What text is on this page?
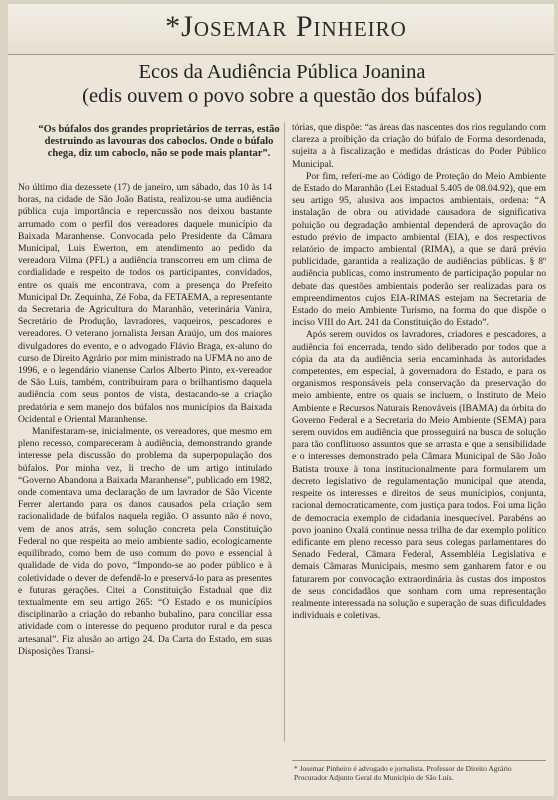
*Josemar Pinheiro
Ecos da Audiência Pública Joanina
(edis ouvem o povo sobre a questão dos búfalos)
“Os búfalos dos grandes proprietários de terras, estão destruindo as lavouras dos caboclos. Onde o búfalo chega, diz um caboclo, não se pode mais plantar”.

No último dia dezessete (17) de janeiro, um sábado, das 10 às 14 horas, na cidade de São João Batista, realizou-se uma audiência pública cuja importância e repercussão nos deixou bastante arrumado com o perfil dos vereadores daquele município da Baixada Maranhense. Convocada pelo Presidente da Câmara Municipal, Luis Ewerton, em atendimento ao pedido da vereadora Vilma (PFL) a audiência transcorreu em um clima de cordialidade e respeito de todos os participantes, convidados, entre os quais me encontrava, com a presença do Prefeito Municipal Dr. Zequinha, Zé Foba, da FETAEMA, a representante da Secretaria de Agricultura do Maranhão, veterinária Vanira, Secretário de Produção, lavradores, vaqueiros, pescadores e vereadores. O veterano jornalista Jersan Araújo, um dos maiores divulgadores do evento, e o advogado Flávio Braga, ex-aluno do curso de Direito Agrário por mim ministrado na UFMA no ano de 1996, e o legendário vianense Carlos Alberto Pinto, ex-vereador de São Luís, também, contribuiram para o brilhantismo daquela audiência com seus pontos de vista, destacando-se a criação predatória e sem manejo dos búfalos nos municípios da Baixada Ocidental e Oriental Maranhense.

Manifestaram-se, inicialmente, os vereadores, que mesmo em pleno recesso, compareceram à audiência, demonstrando grande interesse pela discussão do problema da superpopulação dos búfalos. Por minha vez, li trecho de um artigo intitulado “Governo Abandona a Baixada Maranhense”, publicado em 1982, onde comentava uma declaração de um lavrador de São Vicente Ferrer alertando para os danos causados pela criação sem racionalidade de búfalos naquela região. O assunto não é novo, vem de anos atrás, sem solução concreta pela Constituição Federal no que respeita ao meio ambiente sadio, ecologicamente equilibrado, como bem de uso comum do povo e essencial à qualidade de vida do povo, “Impondo-se ao poder público e à coletividade o dever de defendê-lo e preservá-lo para as presentes e futuras gerações. Citei a Constituição Estadual que diz textualmente em seu artigo 265: “O Estado e os municípios disciplinarão a criação do rebanho bubalino, para conciliar essa atividade com o interesse do pequeno produtor rural e da pesca artesanal”. Fiz alusão ao artigo 24. Da Carta do Estado, em suas Disposições Transi-

tórias, que dispõe: “as áreas das nascentes dos rios regulando com clareza a proibição da criação do búfalo de Forma desordenada, sujeita a à fiscalização e medidas drásticas do Poder Público Municipal.

Por fim, referi-me ao Código de Proteção do Meio Ambiente de Estado do Maranhão (Lei Estadual 5.405 de 08.04.92), que em seu artigo 95, alusiva aos impactos ambientais, ordena: “A instalação de obra ou atividade causadora de significativa poluição ou degradação ambiental dependerá de aprovação do estudo prévio de impacto ambiental (EIA), e dos respectivos relatório de impacto ambiental (RIMA), a que se dará prévio publicidade, garantida a realização de audiências públicas. § 8º audiência publicas, como instrumento de participação popular no debate das questões ambientais poderão ser realizadas para os empreendimentos cujos EIA-RIMAS estejam na Secretaria de Estado do meio Ambiente Turismo, na forma do que dispõe o inciso VIII do Art. 241 da Constituição do Estado”.

Após serem ouvidos os lavradores, criadores e pescadores, a audiência foi encerrada, tendo sido deliberado por todos que a cópia da ata da audiência seria encaminhada às autoridades competentes, em especial, à governadora do Estado, e para os organismos responsáveis pela conservação da preservação do meio ambiente, entre os quais se incluem, o Instituto de Meio Ambiente e Recursos Naturais Renováveis (IBAMA) da órbita do Governo Federal e a Secretaria do Meio Ambiente (SEMA) para serem ouvidos em audiência que prosseguirá na busca de solução para tão conflituoso assuntos que se arrasta e que a sensibilidade e o interesses demonstrado pela Câmara Municipal de São João Batista trouxe à tona institucionalmente para formularem um decreto legislativo de regulamentação municipal que atenda, respeite os interesses e direitos de seus munícipios, conjunta, racional democraticamente, com justiça para todos. Foi uma lição de democracia exemplo de cidadania inesquecível. Parabéns ao povo joanino Oxalá continue nessa trilha de dar exemplo político edificante em pleno recesso para seus colegas parlamentares do Senado Federal, Câmara Federal, Assembléia Legislativa e demais Câmaras Municipais, mesmo sem ganharem fator e ou faturarem por convocação extraordinária às custas dos impostos de seus concidadãos que sonham com uma representação realmente interessada na solução e superação de suas dificuldades individuais e coletivas.

* Josemar Pinheiro é advogado e jornalista. Professor de Direito Agrário Procurador Adjunto Geral do Município de São Luís.
